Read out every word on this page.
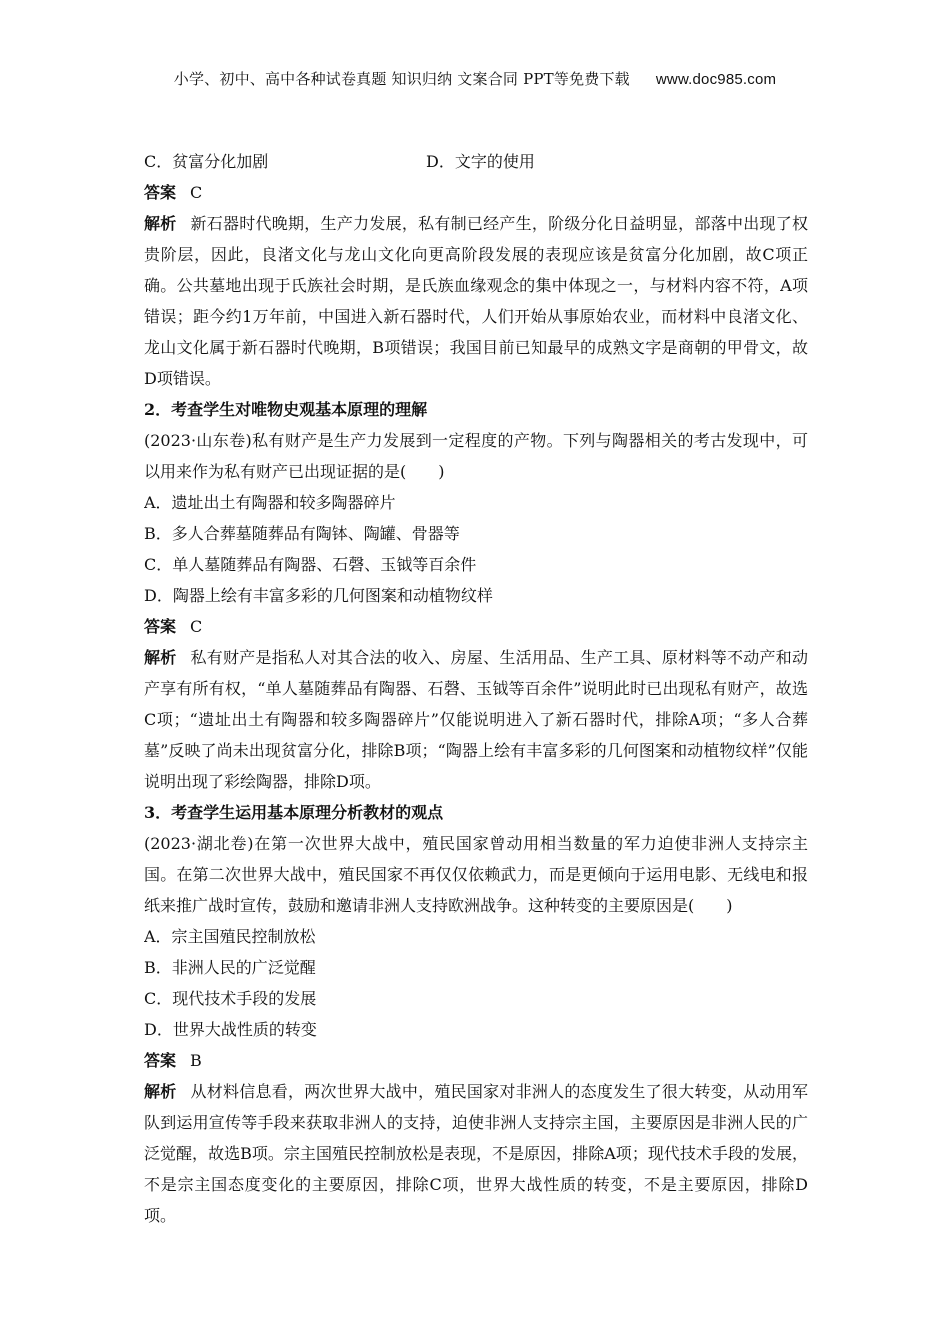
小学、初中、高中各种试卷真题 知识归纳 文案合同 PPT等免费下载 www.doc985.com
C．贫富分化加剧	D．文字的使用
答案 C
解析 新石器时代晚期，生产力发展，私有制已经产生，阶级分化日益明显，部落中出现了权贵阶层，因此，良渚文化与龙山文化向更高阶段发展的表现应该是贫富分化加剧，故C项正确。公共墓地出现于氏族社会时期，是氏族血缘观念的集中体现之一，与材料内容不符，A项错误；距今约1万年前，中国进入新石器时代，人们开始从事原始农业，而材料中良渚文化、龙山文化属于新石器时代晚期，B项错误；我国目前已知最早的成熟文字是商朝的甲骨文，故D项错误。
2．考查学生对唯物史观基本原理的理解
(2023·山东卷)私有财产是生产力发展到一定程度的产物。下列与陶器相关的考古发现中，可以用来作为私有财产已出现证据的是(　　)
A．遗址出土有陶器和较多陶器碎片
B．多人合葬墓随葬品有陶钵、陶罐、骨器等
C．单人墓随葬品有陶器、石磬、玉钺等百余件
D．陶器上绘有丰富多彩的几何图案和动植物纹样
答案 C
解析 私有财产是指私人对其合法的收入、房屋、生活用品、生产工具、原材料等不动产和动产享有所有权，“单人墓随葬品有陶器、石磬、玉钺等百余件”说明此时已出现私有财产，故选C项；“遗址出土有陶器和较多陶器碎片”仅能说明进入了新石器时代，排除A项；“多人合葬墓”反映了尚未出现贫富分化，排除B项；“陶器上绘有丰富多彩的几何图案和动植物纹样”仅能说明出现了彩绘陶器，排除D项。
3．考查学生运用基本原理分析教材的观点
(2023·湖北卷)在第一次世界大战中，殖民国家曾动用相当数量的军力迫使非洲人支持宗主国。在第二次世界大战中，殖民国家不再仅仅依赖武力，而是更倾向于运用电影、无线电和报纸来推广战时宣传，鼓励和邀请非洲人支持欧洲战争。这种转变的主要原因是(　　)
A．宗主国殖民控制放松
B．非洲人民的广泛觉醒
C．现代技术手段的发展
D．世界大战性质的转变
答案 B
解析 从材料信息看，两次世界大战中，殖民国家对非洲人的态度发生了很大转变，从动用军队到运用宣传等手段来获取非洲人的支持，迫使非洲人支持宗主国，主要原因是非洲人民的广泛觉醒，故选B项。宗主国殖民控制放松是表现，不是原因，排除A项；现代技术手段的发展，不是宗主国态度变化的主要原因，排除C项，世界大战性质的转变，不是主要原因，排除D项。
